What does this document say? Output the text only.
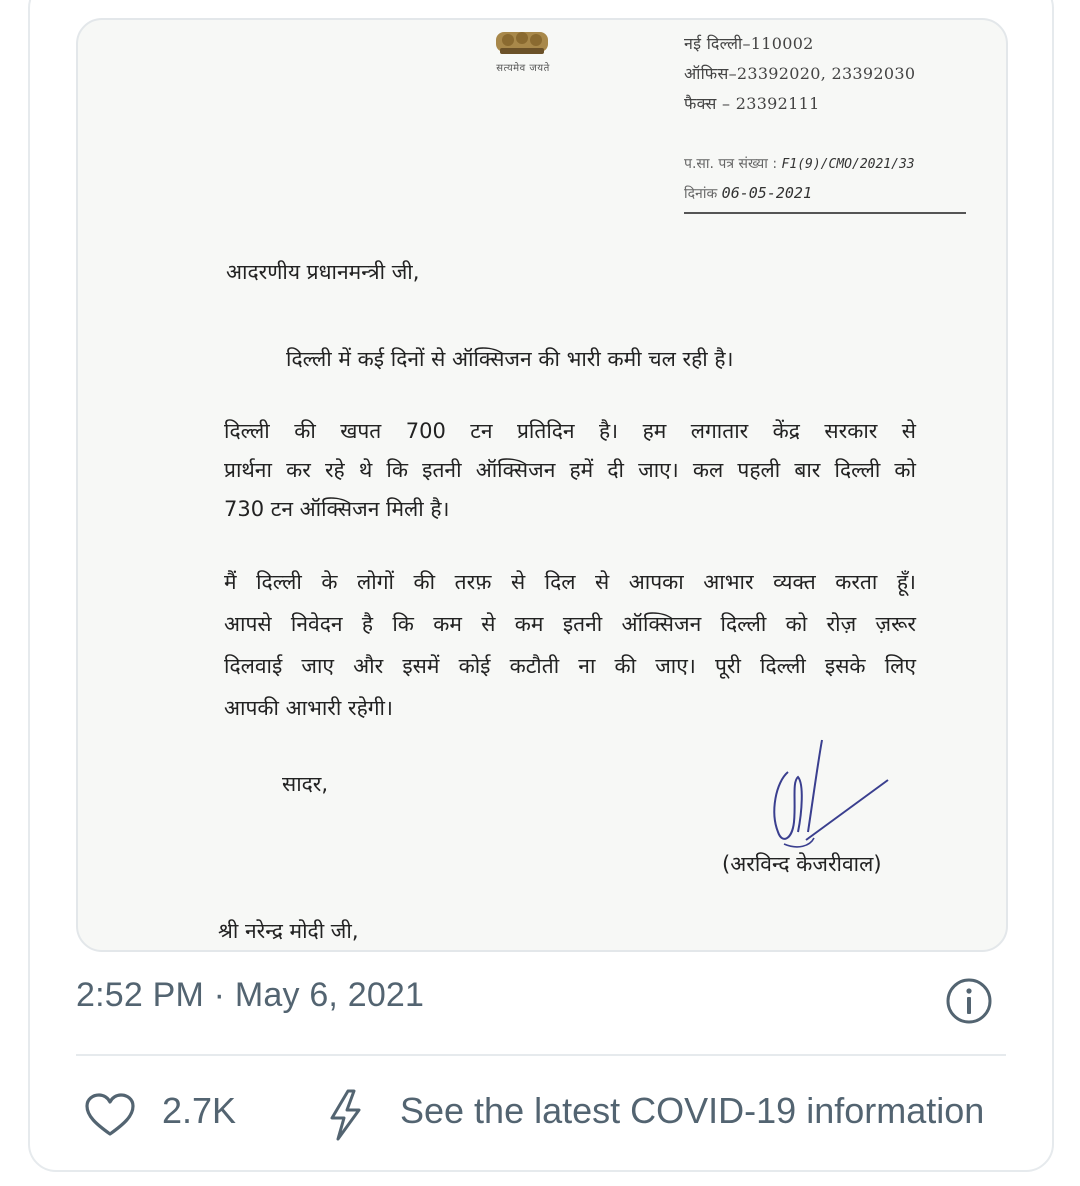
सत्यमेव जयते
नई दिल्ली–110002
ऑफिस–23392020, 23392030
फैक्स – 23392111
प.सा. पत्र संख्या : F1(9)/CMO/2021/33
दिनांक 06-05-2021
आदरणीय प्रधानमन्त्री जी,
दिल्ली में कई दिनों से ऑक्सिजन की भारी कमी चल रही है।
दिल्ली की खपत 700 टन प्रतिदिन है। हम लगातार केंद्र सरकार से
प्रार्थना कर रहे थे कि इतनी ऑक्सिजन हमें दी जाए। कल पहली बार दिल्ली को
730 टन ऑक्सिजन मिली है।
मैं दिल्ली के लोगों की तरफ़ से दिल से आपका आभार व्यक्त करता हूँ।
आपसे निवेदन है कि कम से कम इतनी ऑक्सिजन दिल्ली को रोज़ ज़रूर
दिलवाई जाए और इसमें कोई कटौती ना की जाए। पूरी दिल्ली इसके लिए
आपकी आभारी रहेगी।
सादर,
(अरविन्द केजरीवाल)
श्री नरेन्द्र मोदी जी,
2:52 PM · May 6, 2021
2.7K	See the latest COVID-19 information
